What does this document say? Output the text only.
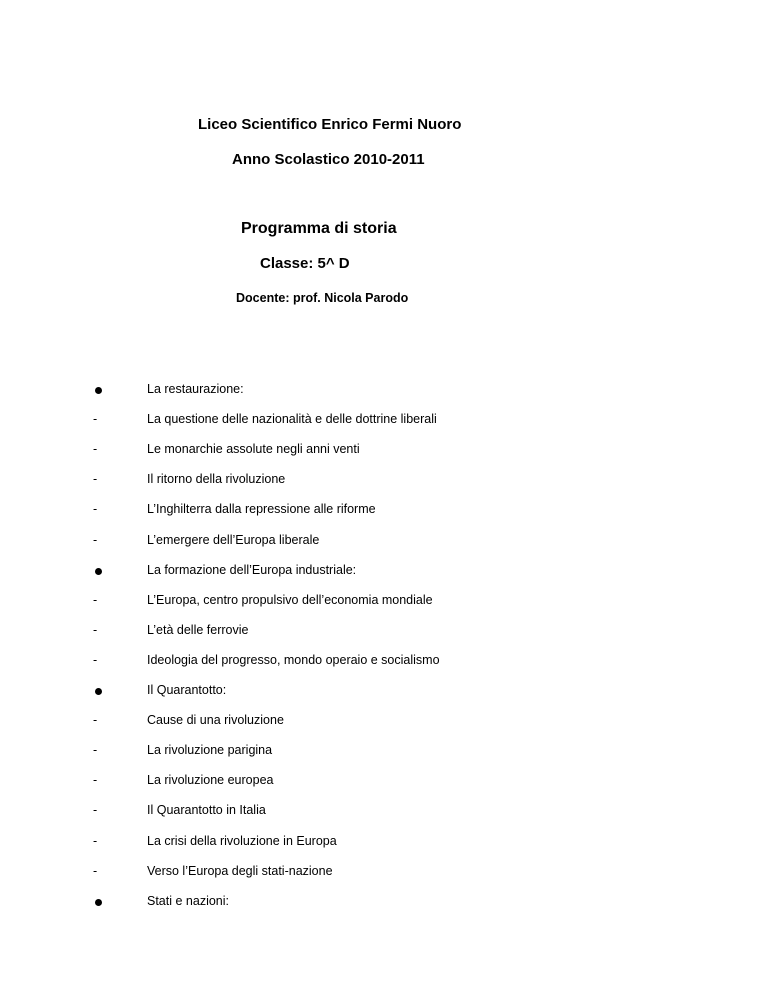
Liceo Scientifico Enrico Fermi Nuoro
Anno Scolastico 2010-2011
Programma di storia
Classe: 5^ D
Docente: prof. Nicola Parodo
La restaurazione:
-	La questione delle nazionalità e delle dottrine liberali
-	Le monarchie assolute negli anni venti
-	Il ritorno della rivoluzione
-	L’Inghilterra dalla repressione alle riforme
-	L’emergere dell’Europa liberale
La formazione dell’Europa industriale:
-	L’Europa, centro propulsivo dell’economia mondiale
-	L’età delle ferrovie
-	Ideologia del progresso, mondo operaio e socialismo
Il Quarantotto:
-	Cause di una rivoluzione
-	La rivoluzione parigina
-	La rivoluzione europea
-	Il Quarantotto in Italia
-	La crisi della rivoluzione in Europa
-	Verso l’Europa degli stati-nazione
Stati e nazioni:
